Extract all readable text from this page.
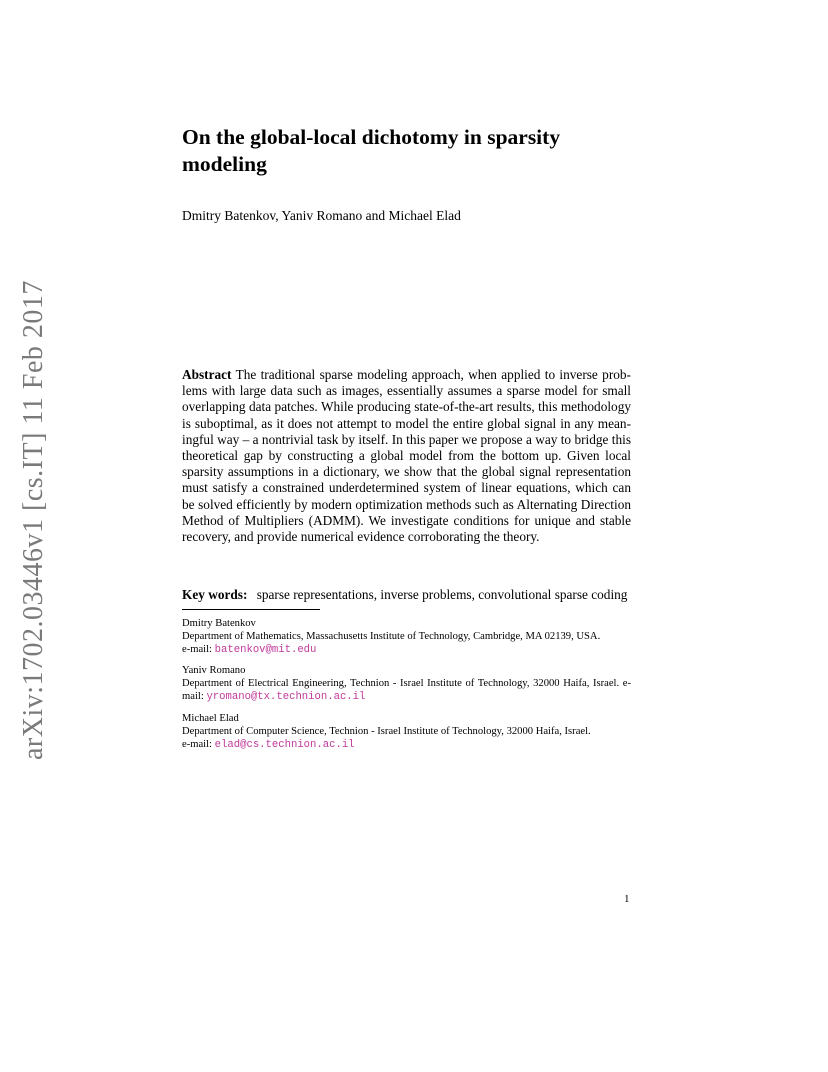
arXiv:1702.03446v1 [cs.IT] 11 Feb 2017
On the global-local dichotomy in sparsity modeling
Dmitry Batenkov, Yaniv Romano and Michael Elad
Abstract The traditional sparse modeling approach, when applied to inverse problems with large data such as images, essentially assumes a sparse model for small overlapping data patches. While producing state-of-the-art results, this methodology is suboptimal, as it does not attempt to model the entire global signal in any meaningful way – a nontrivial task by itself. In this paper we propose a way to bridge this theoretical gap by constructing a global model from the bottom up. Given local sparsity assumptions in a dictionary, we show that the global signal representation must satisfy a constrained underdetermined system of linear equations, which can be solved efficiently by modern optimization methods such as Alternating Direction Method of Multipliers (ADMM). We investigate conditions for unique and stable recovery, and provide numerical evidence corroborating the theory.
Key words: sparse representations, inverse problems, convolutional sparse coding
Dmitry Batenkov
Department of Mathematics, Massachusetts Institute of Technology, Cambridge, MA 02139, USA.
e-mail: batenkov@mit.edu
Yaniv Romano
Department of Electrical Engineering, Technion - Israel Institute of Technology, 32000 Haifa, Israel. e-mail: yromano@tx.technion.ac.il
Michael Elad
Department of Computer Science, Technion - Israel Institute of Technology, 32000 Haifa, Israel.
e-mail: elad@cs.technion.ac.il
1
